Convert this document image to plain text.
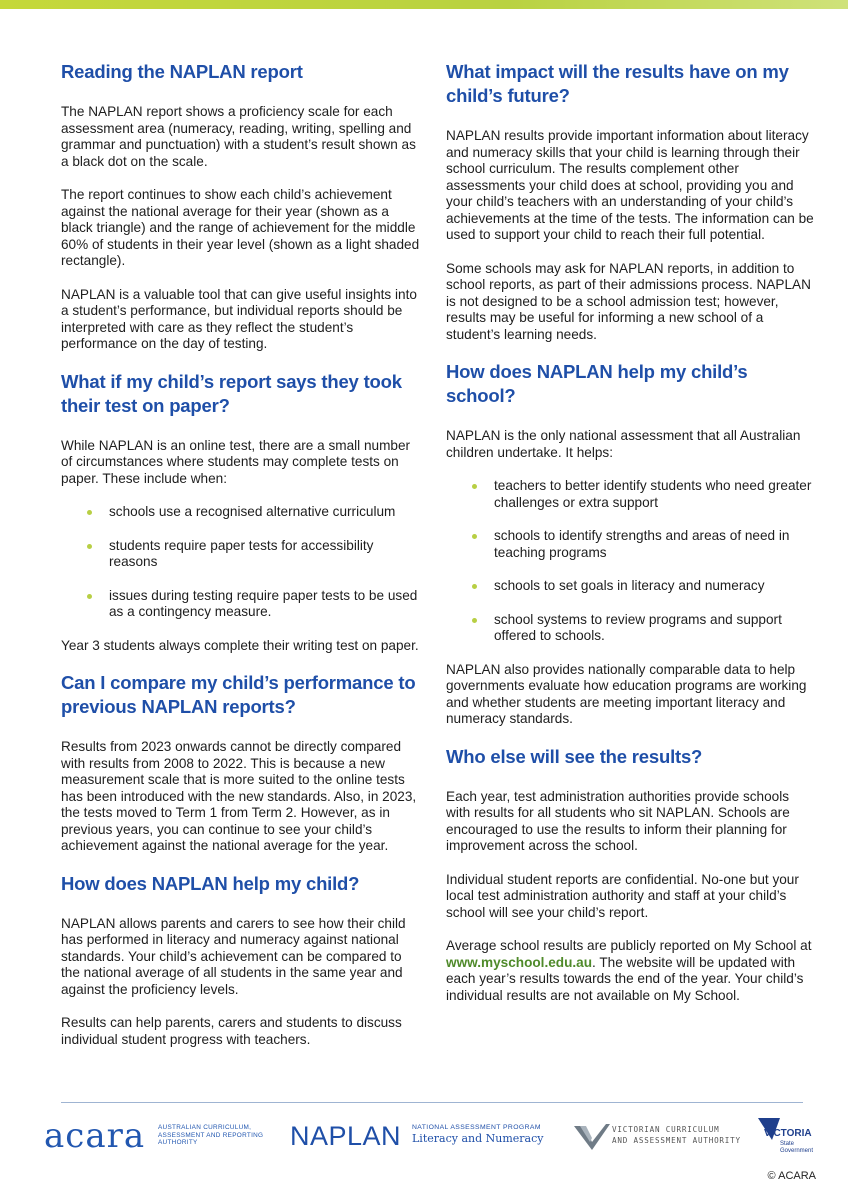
Reading the NAPLAN report

The NAPLAN report shows a proficiency scale for each assessment area (numeracy, reading, writing, spelling and grammar and punctuation) with a student’s result shown as a black dot on the scale.

The report continues to show each child’s achievement against the national average for their year (shown as a black triangle) and the range of achievement for the middle 60% of students in their year level (shown as a light shaded rectangle).

NAPLAN is a valuable tool that can give useful insights into a student’s performance, but individual reports should be interpreted with care as they reflect the student’s performance on the day of testing.

What if my child’s report says they took their test on paper?

While NAPLAN is an online test, there are a small number of circumstances where students may complete tests on paper. These include when:

schools use a recognised alternative curriculum
students require paper tests for accessibility reasons
issues during testing require paper tests to be used as a contingency measure.

Year 3 students always complete their writing test on paper.

Can I compare my child’s performance to previous NAPLAN reports?

Results from 2023 onwards cannot be directly compared with results from 2008 to 2022. This is because a new measurement scale that is more suited to the online tests has been introduced with the new standards. Also, in 2023, the tests moved to Term 1 from Term 2. However, as in previous years, you can continue to see your child’s achievement against the national average for the year.

How does NAPLAN help my child?

NAPLAN allows parents and carers to see how their child has performed in literacy and numeracy against national standards. Your child’s achievement can be compared to the national average of all students in the same year and against the proficiency levels.

Results can help parents, carers and students to discuss individual student progress with teachers.

What impact will the results have on my child’s future?

NAPLAN results provide important information about literacy and numeracy skills that your child is learning through their school curriculum. The results complement other assessments your child does at school, providing you and your child’s teachers with an understanding of your child’s achievements at the time of the tests. The information can be used to support your child to reach their full potential.

Some schools may ask for NAPLAN reports, in addition to school reports, as part of their admissions process. NAPLAN is not designed to be a school admission test; however, results may be useful for informing a new school of a student’s learning needs.

How does NAPLAN help my child’s school?

NAPLAN is the only national assessment that all Australian children undertake. It helps:

teachers to better identify students who need greater challenges or extra support
schools to identify strengths and areas of need in teaching programs
schools to set goals in literacy and numeracy
school systems to review programs and support offered to schools.

NAPLAN also provides nationally comparable data to help governments evaluate how education programs are working and whether students are meeting important literacy and numeracy standards.

Who else will see the results?

Each year, test administration authorities provide schools with results for all students who sit NAPLAN. Schools are encouraged to use the results to inform their planning for improvement across the school.

Individual student reports are confidential. No-one but your local test administration authority and staff at your child’s school will see your child’s report.

Average school results are publicly reported on My School at www.myschool.edu.au. The website will be updated with each year’s results towards the end of the year. Your child’s individual results are not available on My School.

acara AUSTRALIAN CURRICULUM, ASSESSMENT AND REPORTING AUTHORITY	NAPLAN NATIONAL ASSESSMENT PROGRAM
Literacy and Numeracy
VICTORIAN CURRICULUM
AND ASSESSMENT AUTHORITY
VICTORIA
State
Government
© ACARA
